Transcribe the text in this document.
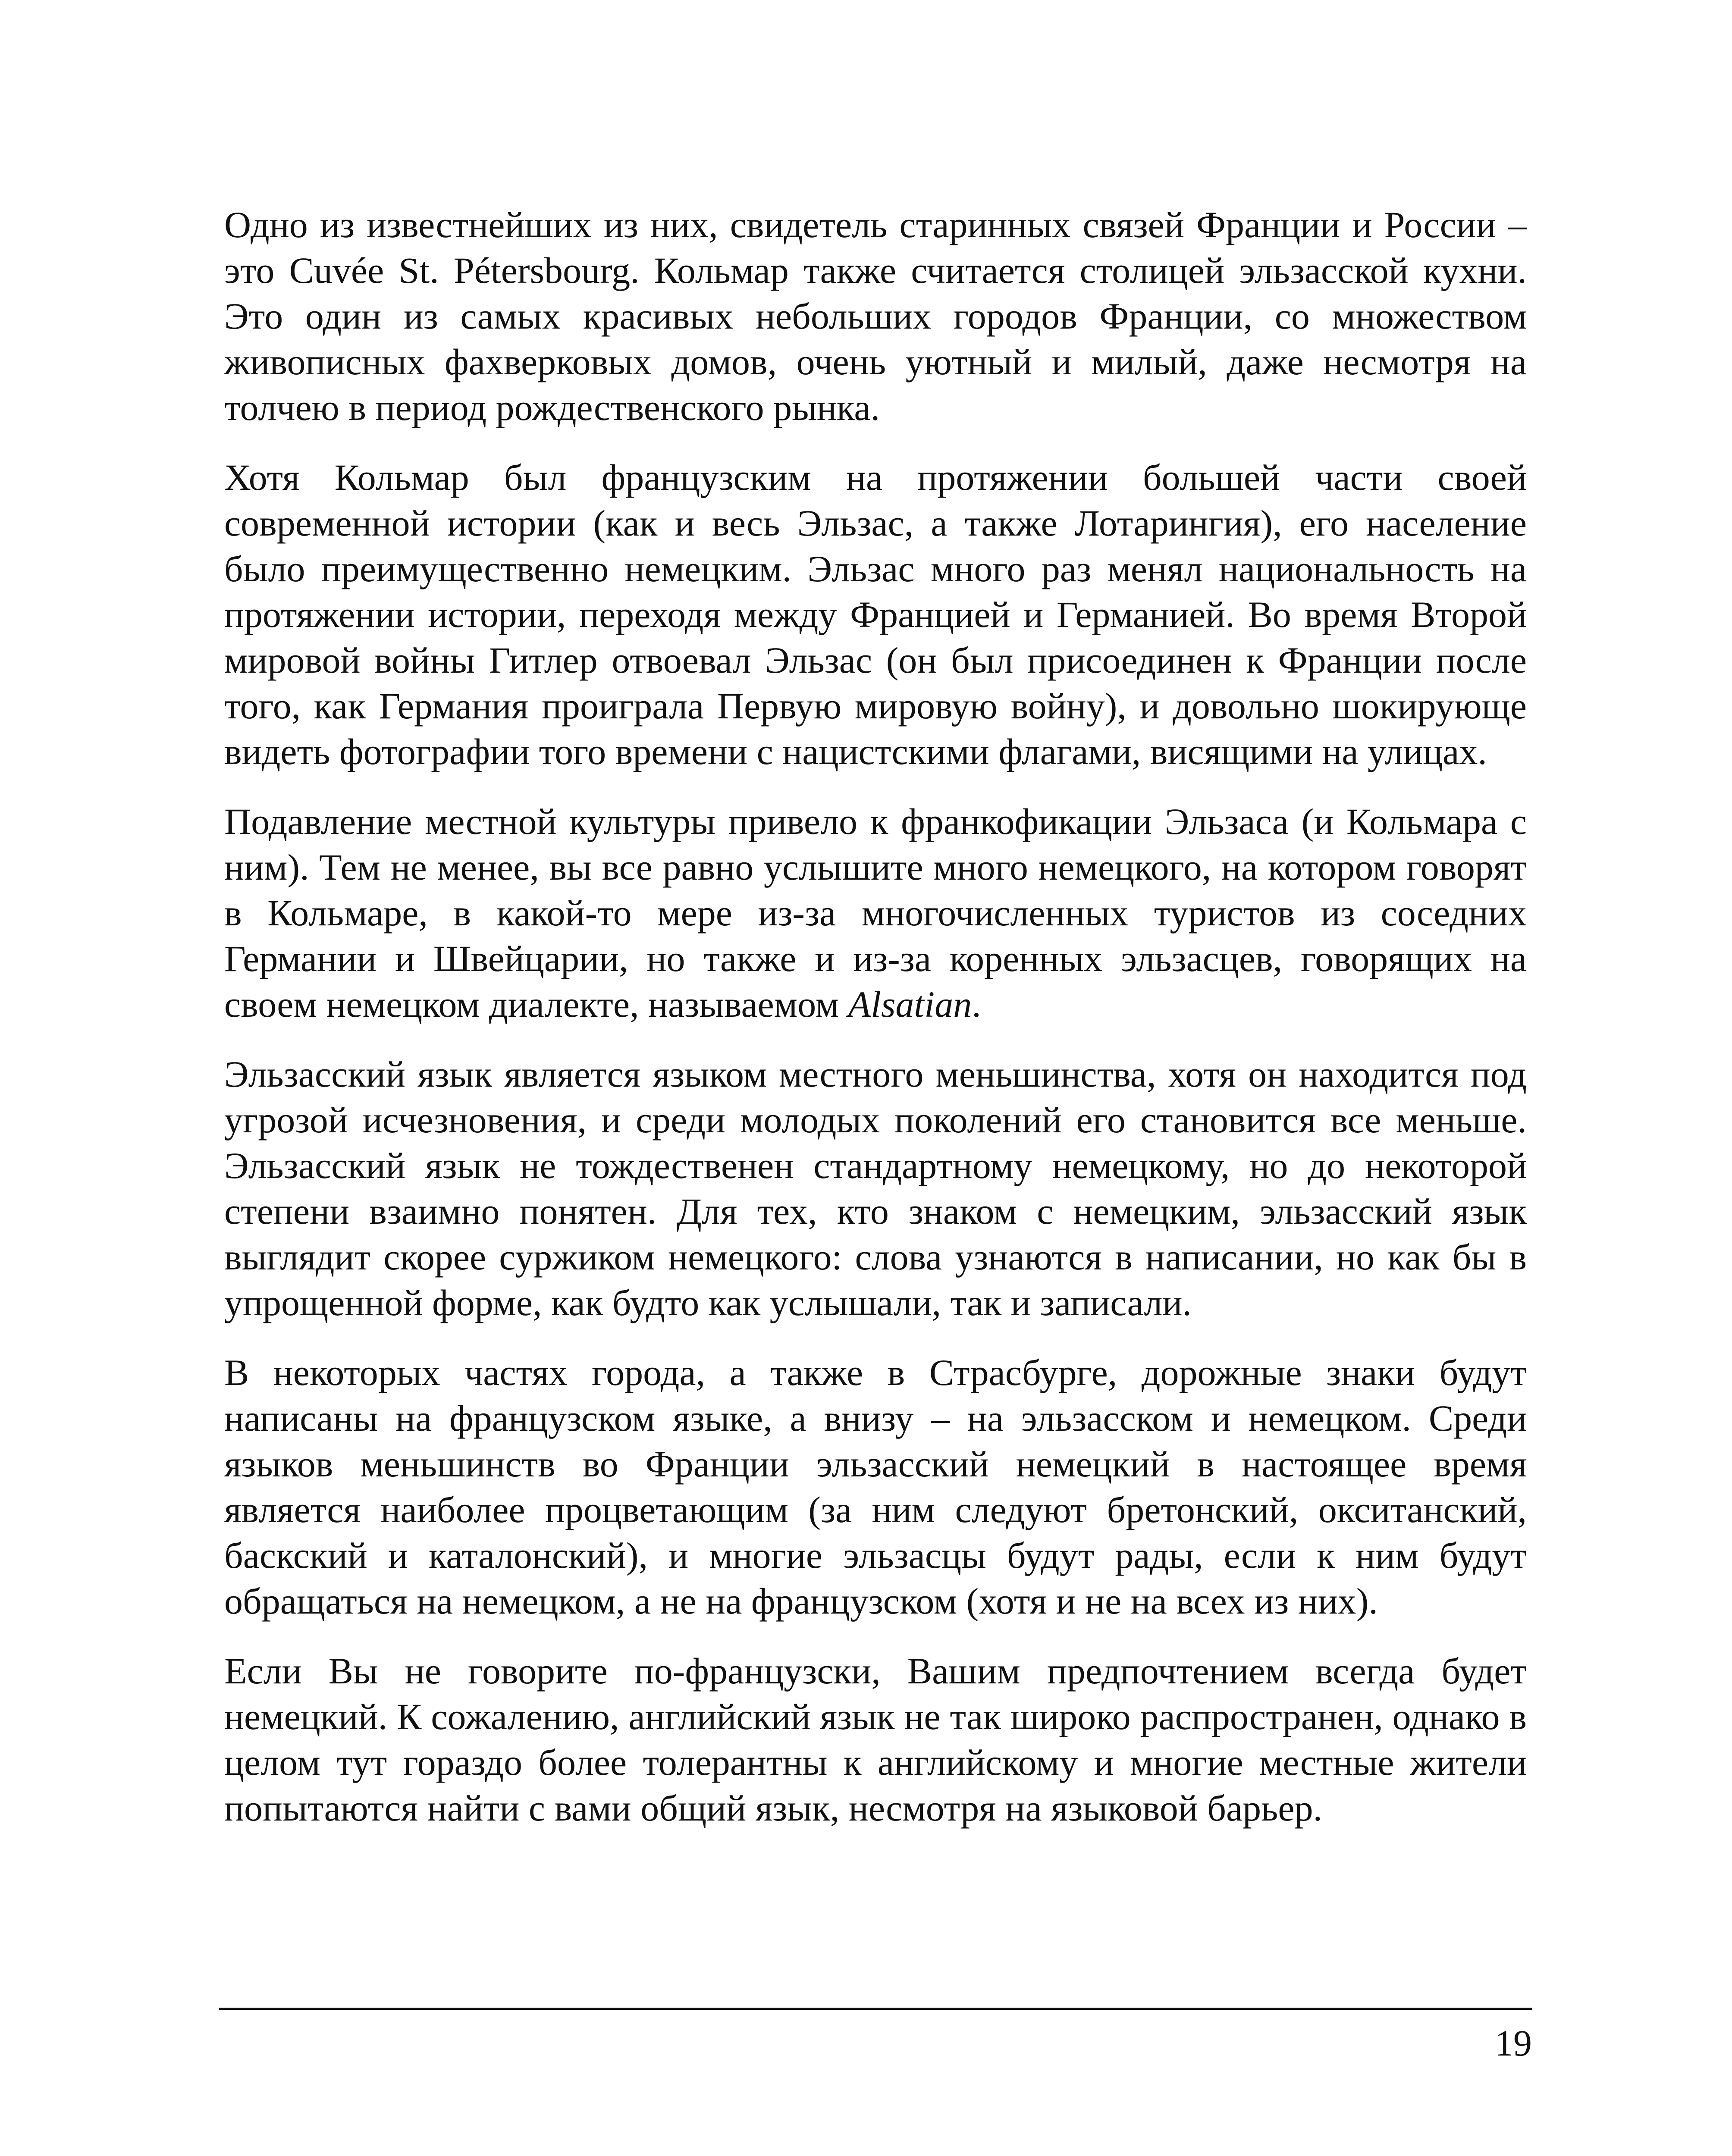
Одно из известнейших из них, свидетель старинных связей Франции и России – это Cuvée St. Pétersbourg. Кольмар также считается столицей эльзасской кухни. Это один из самых красивых небольших городов Франции, со множеством живописных фахверковых домов, очень уютный и милый, даже несмотря на толчею в период рождественского рынка.

Хотя Кольмар был французским на протяжении большей части своей современной истории (как и весь Эльзас, а также Лотарингия), его население было преимущественно немецким. Эльзас много раз менял национальность на протяжении истории, переходя между Францией и Германией. Во время Второй мировой войны Гитлер отвоевал Эльзас (он был присоединен к Франции после того, как Германия проиграла Первую мировую войну), и довольно шокирующе видеть фотографии того времени с нацистскими флагами, висящими на улицах.

Подавление местной культуры привело к франкофикации Эльзаса (и Кольмара с ним). Тем не менее, вы все равно услышите много немецкого, на котором говорят в Кольмаре, в какой-то мере из-за многочисленных туристов из соседних Германии и Швейцарии, но также и из-за коренных эльзасцев, говорящих на своем немецком диалекте, называемом Alsatian.

Эльзасский язык является языком местного меньшинства, хотя он находится под угрозой исчезновения, и среди молодых поколений его становится все меньше. Эльзасский язык не тождественен стандартному немецкому, но до некоторой степени взаимно понятен. Для тех, кто знаком с немецким, эльзасский язык выглядит скорее суржиком немецкого: слова узнаются в написании, но как бы в упрощенной форме, как будто как услышали, так и записали.

В некоторых частях города, а также в Страсбурге, дорожные знаки будут написаны на французском языке, а внизу – на эльзасском и немецком. Среди языков меньшинств во Франции эльзасский немецкий в настоящее время является наиболее процветающим (за ним следуют бретонский, окситанский, баскский и каталонский), и многие эльзасцы будут рады, если к ним будут обращаться на немецком, а не на французском (хотя и не на всех из них).

Если Вы не говорите по-французски, Вашим предпочтением всегда будет немецкий. К сожалению, английский язык не так широко распространен, однако в целом тут гораздо более толерантны к английскому и многие местные жители попытаются найти с вами общий язык, несмотря на языковой барьер.

19
